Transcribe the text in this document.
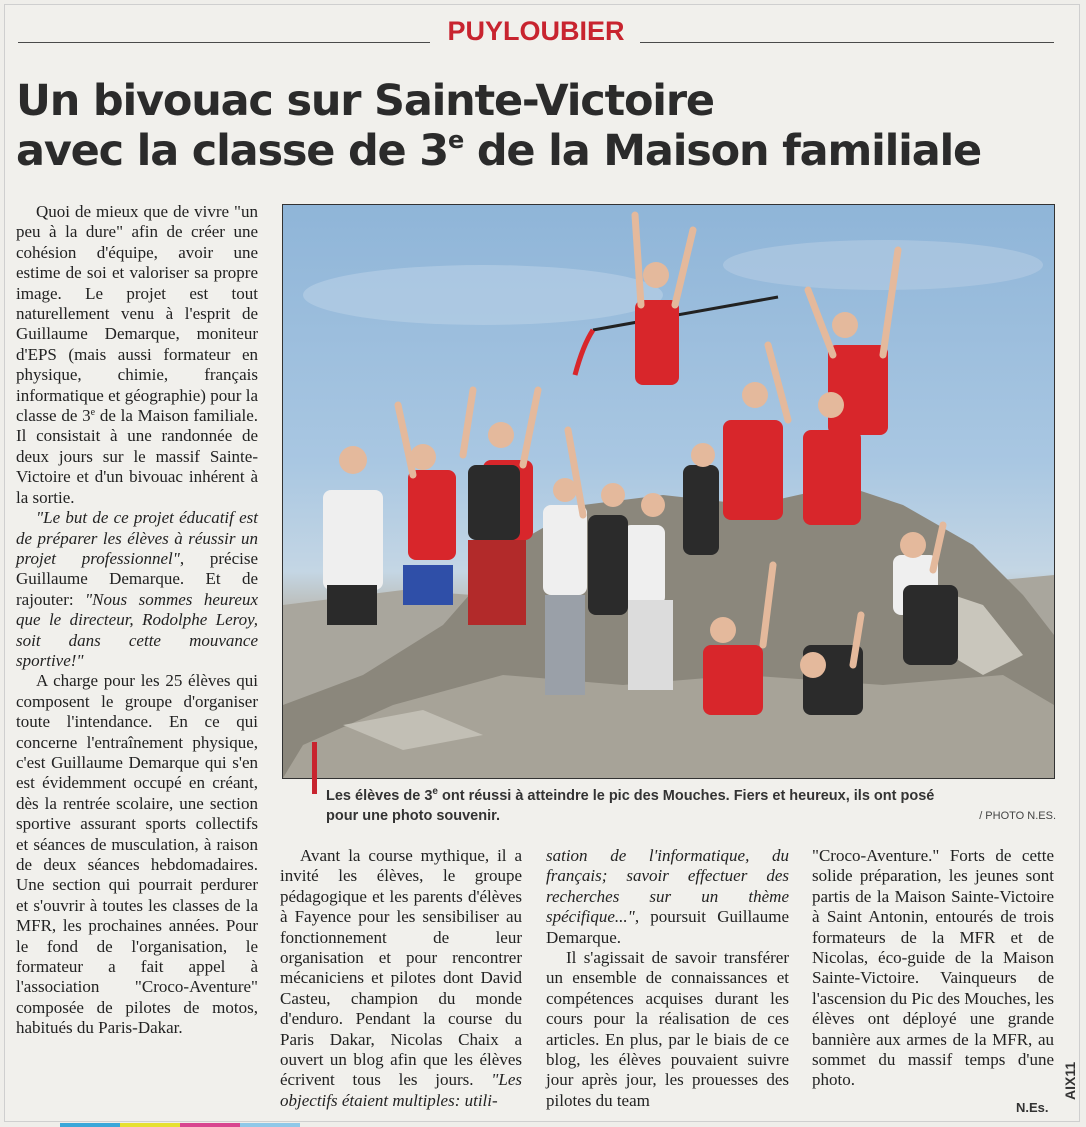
PUYLOUBIER
Un bivouac sur Sainte-Victoire
avec la classe de 3e de la Maison familiale

Quoi de mieux que de vivre "un peu à la dure" afin de créer une cohésion d'équipe, avoir une estime de soi et valoriser sa propre image. Le projet est tout naturellement venu à l'esprit de Guillaume Demarque, moniteur d'EPS (mais aussi formateur en physique, chimie, français informatique et géographie) pour la classe de 3e de la Maison familiale. Il consistait à une randonnée de deux jours sur le massif Sainte-Victoire et d'un bivouac inhérent à la sortie.

"Le but de ce projet éducatif est de préparer les élèves à réussir un projet professionnel", précise Guillaume Demarque. Et de rajouter: "Nous sommes heureux que le directeur, Rodolphe Leroy, soit dans cette mouvance sportive!"

A charge pour les 25 élèves qui composent le groupe d'organiser toute l'intendance. En ce qui concerne l'entraînement physique, c'est Guillaume Demarque qui s'en est évidemment occupé en créant, dès la rentrée scolaire, une section sportive assurant sports collectifs et séances de musculation, à raison de deux séances hebdomadaires. Une section qui pourrait perdurer et s'ouvrir à toutes les classes de la MFR, les prochaines années. Pour le fond de l'organisation, le formateur a fait appel à l'association "Croco-Aventure" composée de pilotes de motos, habitués du Paris-Dakar.

Les élèves de 3e ont réussi à atteindre le pic des Mouches. Fiers et heureux, ils ont posé pour une photo souvenir.	/ PHOTO N.ES.

Avant la course mythique, il a invité les élèves, le groupe pédagogique et les parents d'élèves à Fayence pour les sensibiliser au fonctionnement de leur organisation et pour rencontrer mécaniciens et pilotes dont David Casteu, champion du monde d'enduro. Pendant la course du Paris Dakar, Nicolas Chaix a ouvert un blog afin que les élèves écrivent tous les jours. "Les objectifs étaient multiples: utili-

sation de l'informatique, du français; savoir effectuer des recherches sur un thème spécifique...", poursuit Guillaume Demarque.

Il s'agissait de savoir transférer un ensemble de connaissances et compétences acquises durant les cours pour la réalisation de ces articles. En plus, par le biais de ce blog, les élèves pouvaient suivre jour après jour, les prouesses des pilotes du team

"Croco-Aventure." Forts de cette solide préparation, les jeunes sont partis de la Maison Sainte-Victoire à Saint Antonin, entourés de trois formateurs de la MFR et de Nicolas, éco-guide de la Maison Sainte-Victoire. Vainqueurs de l'ascension du Pic des Mouches, les élèves ont déployé une grande bannière aux armes de la MFR, au sommet du massif temps d'une photo.

N.Es.
AIX11
